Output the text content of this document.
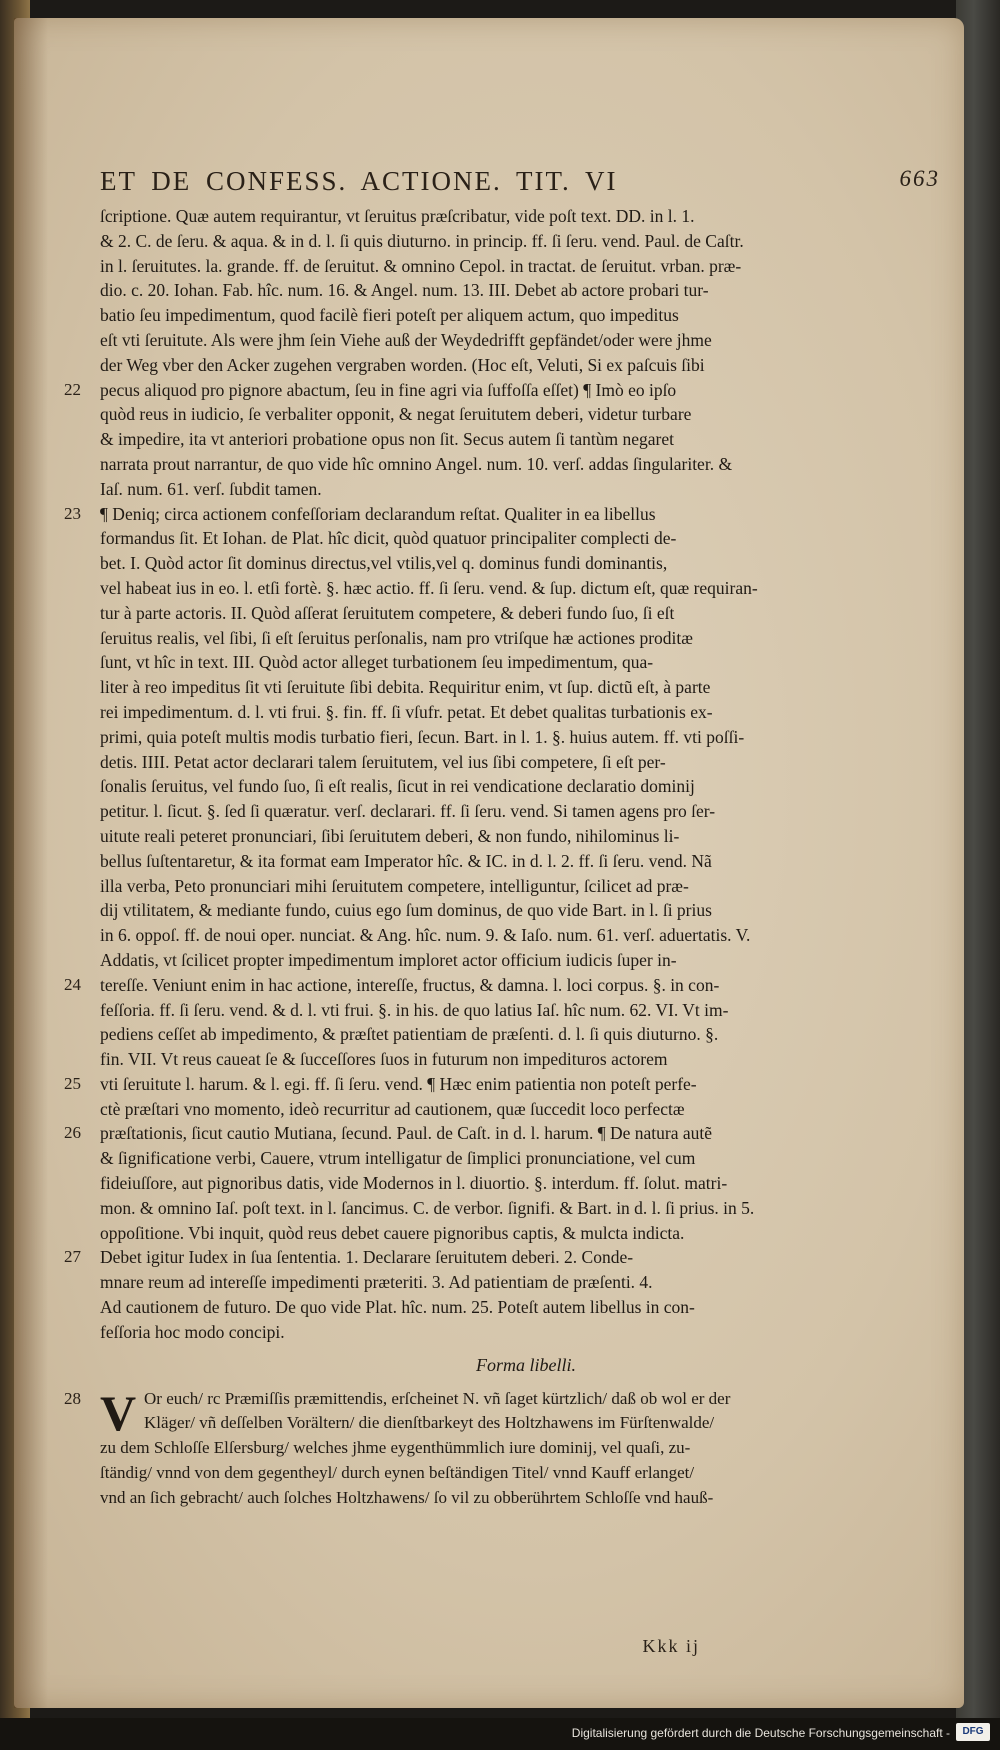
ET DE CONFESS. ACTIONE. TIT. VI	663
ſcriptione. Quæ autem requirantur, vt ſeruitus præſcribatur, vide poſt text. DD. in l. 1.
& 2. C. de ſeru. & aqua. & in d. l. ſi quis diuturno. in princip. ff. ſi ſeru. vend. Paul. de Caſtr.
in l. ſeruitutes. la. grande. ff. de ſeruitut. & omnino Cepol. in tractat. de ſeruitut. vrban. præ-
dio. c. 20. Iohan. Fab. hîc. num. 16. & Angel. num. 13. III. Debet ab actore probari tur-
batio ſeu impedimentum, quod facilè fieri poteſt per aliquem actum, quo impeditus
eſt vti ſeruitute. Als were jhm ſein Viehe auß der Weydedrifft gepfändet/oder were jhme
der Weg vber den Acker zugehen vergraben worden. (Hoc eſt, Veluti, Si ex paſcuis ſibi
22	pecus aliquod pro pignore abactum, ſeu in fine agri via ſuffoſſa eſſet) ¶ Imò eo ipſo
quòd reus in iudicio, ſe verbaliter opponit, & negat ſeruitutem deberi, videtur turbare
& impedire, ita vt anteriori probatione opus non ſit. Secus autem ſi tantùm negaret
narrata prout narrantur, de quo vide hîc omnino Angel. num. 10. verſ. addas ſingulariter. &
Iaſ. num. 61. verſ. ſubdit tamen.
23	¶ Deniq; circa actionem confeſſoriam declarandum reſtat. Qualiter in ea libellus
formandus ſit. Et Iohan. de Plat. hîc dicit, quòd quatuor principaliter complecti de-
bet. I. Quòd actor ſit dominus directus,vel vtilis,vel q. dominus fundi dominantis,
vel habeat ius in eo. l. etſi fortè. §. hæc actio. ff. ſi ſeru. vend. & ſup. dictum eſt, quæ requiran-
tur à parte actoris. II. Quòd aſſerat ſeruitutem competere, & deberi fundo ſuo, ſi eſt
ſeruitus realis, vel ſibi, ſi eſt ſeruitus perſonalis, nam pro vtriſque hæ actiones proditæ
ſunt, vt hîc in text. III. Quòd actor alleget turbationem ſeu impedimentum, qua-
liter à reo impeditus ſit vti ſeruitute ſibi debita. Requiritur enim, vt ſup. dictũ eſt, à parte
rei impedimentum. d. l. vti frui. §. fin. ff. ſi vſufr. petat. Et debet qualitas turbationis ex-
primi, quia poteſt multis modis turbatio fieri, ſecun. Bart. in l. 1. §. huius autem. ff. vti poſſi-
detis. IIII. Petat actor declarari talem ſeruitutem, vel ius ſibi competere, ſi eſt per-
ſonalis ſeruitus, vel fundo ſuo, ſi eſt realis, ſicut in rei vendicatione declaratio dominij
petitur. l. ſicut. §. ſed ſi quæratur. verſ. declarari. ff. ſi ſeru. vend. Si tamen agens pro ſer-
uitute reali peteret pronunciari, ſibi ſeruitutem deberi, & non fundo, nihilominus li-
bellus ſuſtentaretur, & ita format eam Imperator hîc. & IC. in d. l. 2. ff. ſi ſeru. vend. Nã
illa verba, Peto pronunciari mihi ſeruitutem competere, intelliguntur, ſcilicet ad præ-
dij vtilitatem, & mediante fundo, cuius ego ſum dominus, de quo vide Bart. in l. ſi prius
in 6. oppoſ. ff. de noui oper. nunciat. & Ang. hîc. num. 9. & Iaſo. num. 61. verſ. aduertatis. V.
Addatis, vt ſcilicet propter impedimentum imploret actor officium iudicis ſuper in-
24	tereſſe. Veniunt enim in hac actione, intereſſe, fructus, & damna. l. loci corpus. §. in con-
feſſoria. ff. ſi ſeru. vend. & d. l. vti frui. §. in his. de quo latius Iaſ. hîc num. 62. VI. Vt im-
pediens ceſſet ab impedimento, & præſtet patientiam de præſenti. d. l. ſi quis diuturno. §.
fin. VII. Vt reus caueat ſe & ſucceſſores ſuos in futurum non impedituros actorem
25	vti ſeruitute l. harum. & l. egi. ff. ſi ſeru. vend. ¶ Hæc enim patientia non poteſt perfe-
ctè præſtari vno momento, ideò recurritur ad cautionem, quæ ſuccedit loco perfectæ
26	præſtationis, ſicut cautio Mutiana, ſecund. Paul. de Caſt. in d. l. harum. ¶ De natura autẽ
& ſignificatione verbi, Cauere, vtrum intelligatur de ſimplici pronunciatione, vel cum
fideiuſſore, aut pignoribus datis, vide Modernos in l. diuortio. §. interdum. ff. ſolut. matri-
mon. & omnino Iaſ. poſt text. in l. ſancimus. C. de verbor. ſignifi. & Bart. in d. l. ſi prius. in 5.
oppoſitione. Vbi inquit, quòd reus debet cauere pignoribus captis, & mulcta indicta.
27	Debet igitur Iudex in ſua ſententia. 1. Declarare ſeruitutem deberi. 2. Conde-
mnare reum ad intereſſe impedimenti præteriti. 3. Ad patientiam de præſenti. 4.
Ad cautionem de futuro. De quo vide Plat. hîc. num. 25. Poteſt autem libellus in con-
feſſoria hoc modo concipi.
Forma libelli.
V
28	Or euch/ rc Præmiſſis præmittendis, erſcheinet N. vñ ſaget kürtzlich/ daß ob wol er der
Kläger/ vñ deſſelben Vorältern/ die dienſtbarkeyt des Holtzhawens im Fürſtenwalde/
zu dem Schloſſe Elſersburg/ welches jhme eygenthümmlich iure dominij, vel quaſi, zu-
ſtändig/ vnnd von dem gegentheyl/ durch eynen beſtändigen Titel/ vnnd Kauff erlanget/
vnd an ſich gebracht/ auch ſolches Holtzhawens/ ſo vil zu obberührtem Schloſſe vnd hauß-
Kkk ij
Digitalisierung gefördert durch die Deutsche Forschungsgemeinschaft -	DFG
